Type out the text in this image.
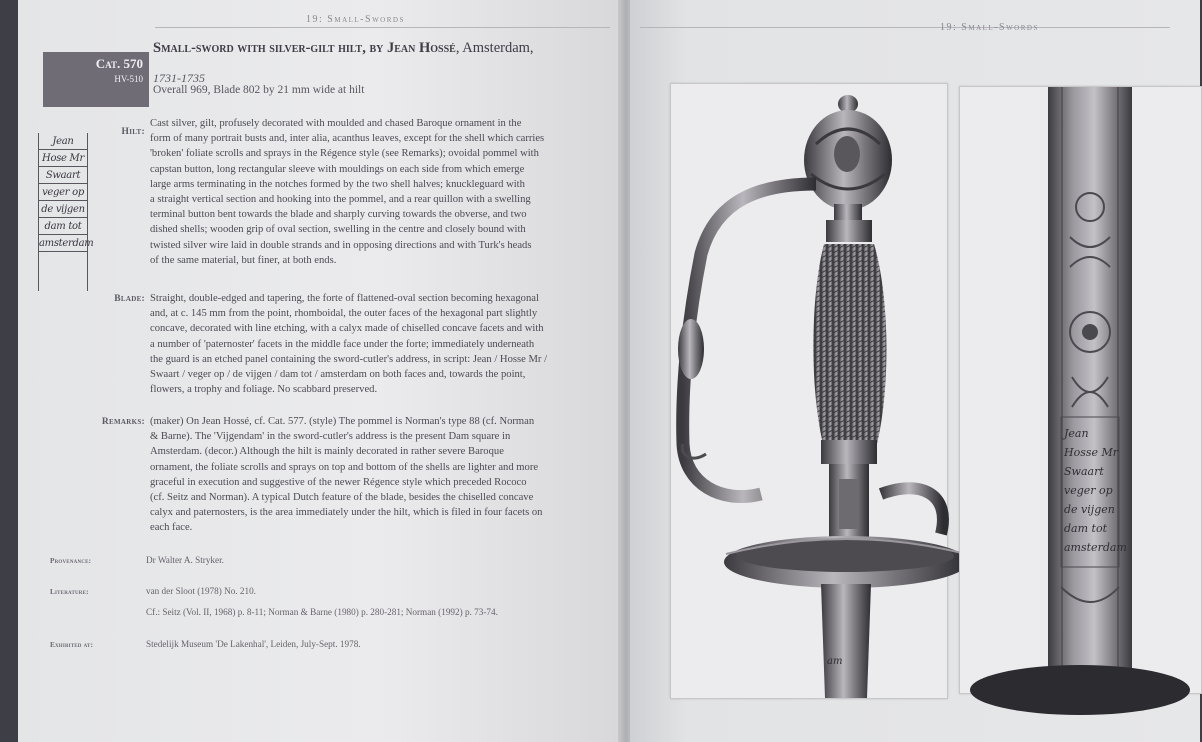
19: Small-Swords
Cat. 570
HV-510

Small-sword with silver-gilt hilt, by Jean Hossé, Amsterdam,

1731-1735
Overall 969, Blade 802 by 21 mm wide at hilt
Jean
Hose Mr
Swaart
veger op
de vijgen
dam tot
amsterdam
Hilt:
Cast silver, gilt, profusely decorated with moulded and chased Baroque ornament in the
form of many portrait busts and, inter alia, acanthus leaves, except for the shell which carries
'broken' foliate scrolls and sprays in the Régence style (see Remarks); ovoidal pommel with
capstan button, long rectangular sleeve with mouldings on each side from which emerge
large arms terminating in the notches formed by the two shell halves; knuckleguard with
a straight vertical section and hooking into the pommel, and a rear quillon with a swelling
terminal button bent towards the blade and sharply curving towards the obverse, and two
dished shells; wooden grip of oval section, swelling in the centre and closely bound with
twisted silver wire laid in double strands and in opposing directions and with Turk's heads
of the same material, but finer, at both ends.
Blade: Straight, double-edged and tapering, the forte of flattened-oval section becoming hexagonal
and, at c. 145 mm from the point, rhomboidal, the outer faces of the hexagonal part slightly
concave, decorated with line etching, with a calyx made of chiselled concave facets and with
a number of 'paternoster' facets in the middle face under the forte; immediately underneath
the guard is an etched panel containing the sword-cutler's address, in script: Jean / Hosse Mr /
Swaart / veger op / de vijgen / dam tot / amsterdam on both faces and, towards the point,
flowers, a trophy and foliage. No scabbard preserved.
Remarks: (maker) On Jean Hossé, cf. Cat. 577. (style) The pommel is Norman's type 88 (cf. Norman
& Barne). The 'Vijgendam' in the sword-cutler's address is the present Dam square in
Amsterdam. (decor.) Although the hilt is mainly decorated in rather severe Baroque
ornament, the foliate scrolls and sprays on top and bottom of the shells are lighter and more
graceful in execution and suggestive of the newer Régence style which preceded Rococo
(cf. Seitz and Norman). A typical Dutch feature of the blade, besides the chiselled concave
calyx and paternosters, is the area immediately under the hilt, which is filed in four facets on
each face.
Provenance:	Dr Walter A. Stryker.
Literature:	van der Sloot (1978) No. 210.
Cf.: Seitz (Vol. II, 1968) p. 8-11; Norman & Barne (1980) p. 280-281; Norman (1992) p. 73-74.
Exhibited at:	Stedelijk Museum 'De Lakenhal', Leiden, July-Sept. 1978.
19: Small-Swords
am
Jean
Hosse Mr
Swaart
veger op
de vijgen
dam tot
amsterdam
